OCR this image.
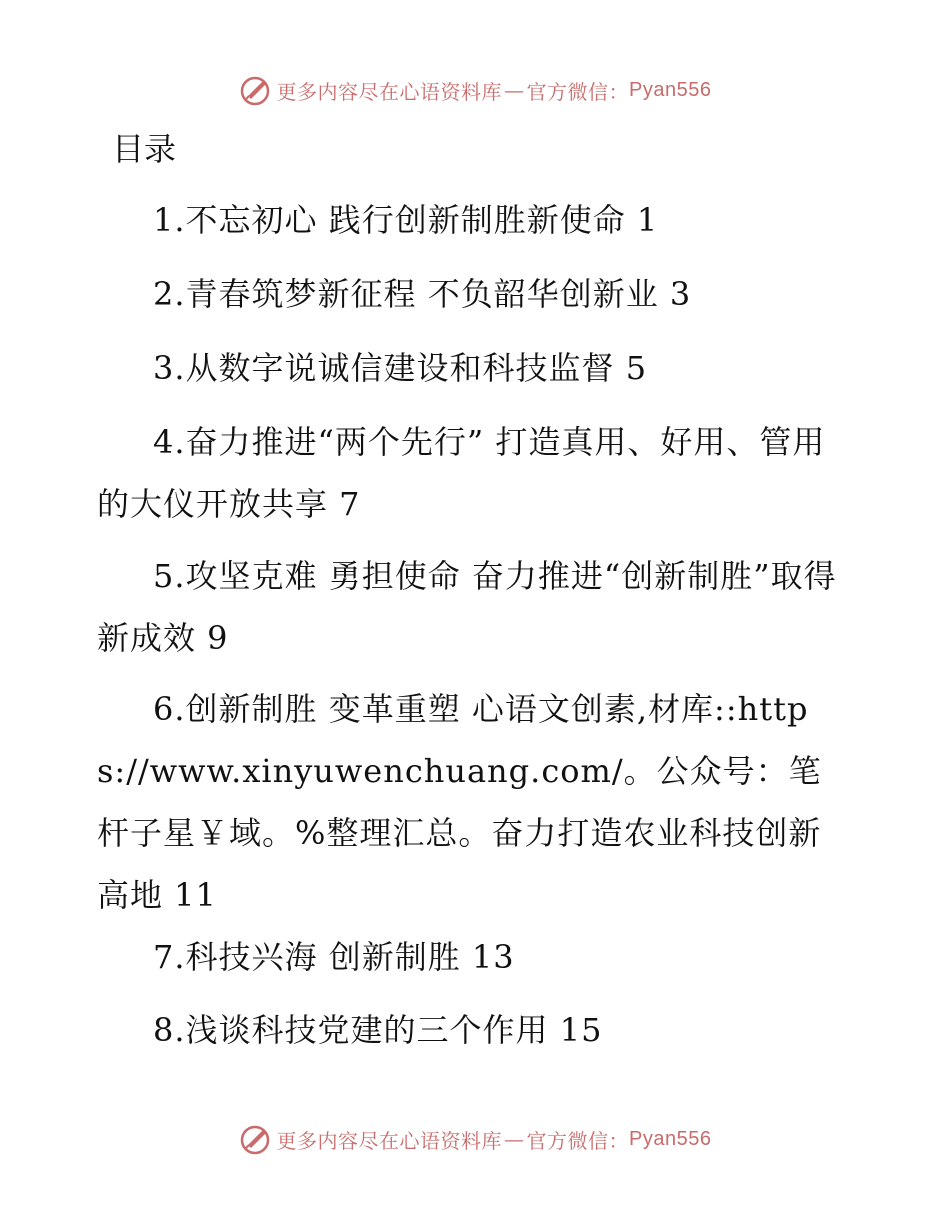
更多内容尽在心语资料库 — 官方微信： Pyan556
目录
1.不忘初心 践行创新制胜新使命 1
2.青春筑梦新征程 不负韶华创新业 3
3.从数字说诚信建设和科技监督 5
4.奋力推进“两个先行” 打造真用、好用、管用的大仪开放共享 7
5.攻坚克难 勇担使命 奋力推进“创新制胜”取得新成效 9
6.创新制胜 变革重塑 心语文创素,材库::https://www.xinyuwenchuang.com/。公众号：笔杆子星￥域。%整理汇总。奋力打造农业科技创新高地 11
7.科技兴海 创新制胜 13
8.浅谈科技党建的三个作用 15
更多内容尽在心语资料库 — 官方微信： Pyan556
